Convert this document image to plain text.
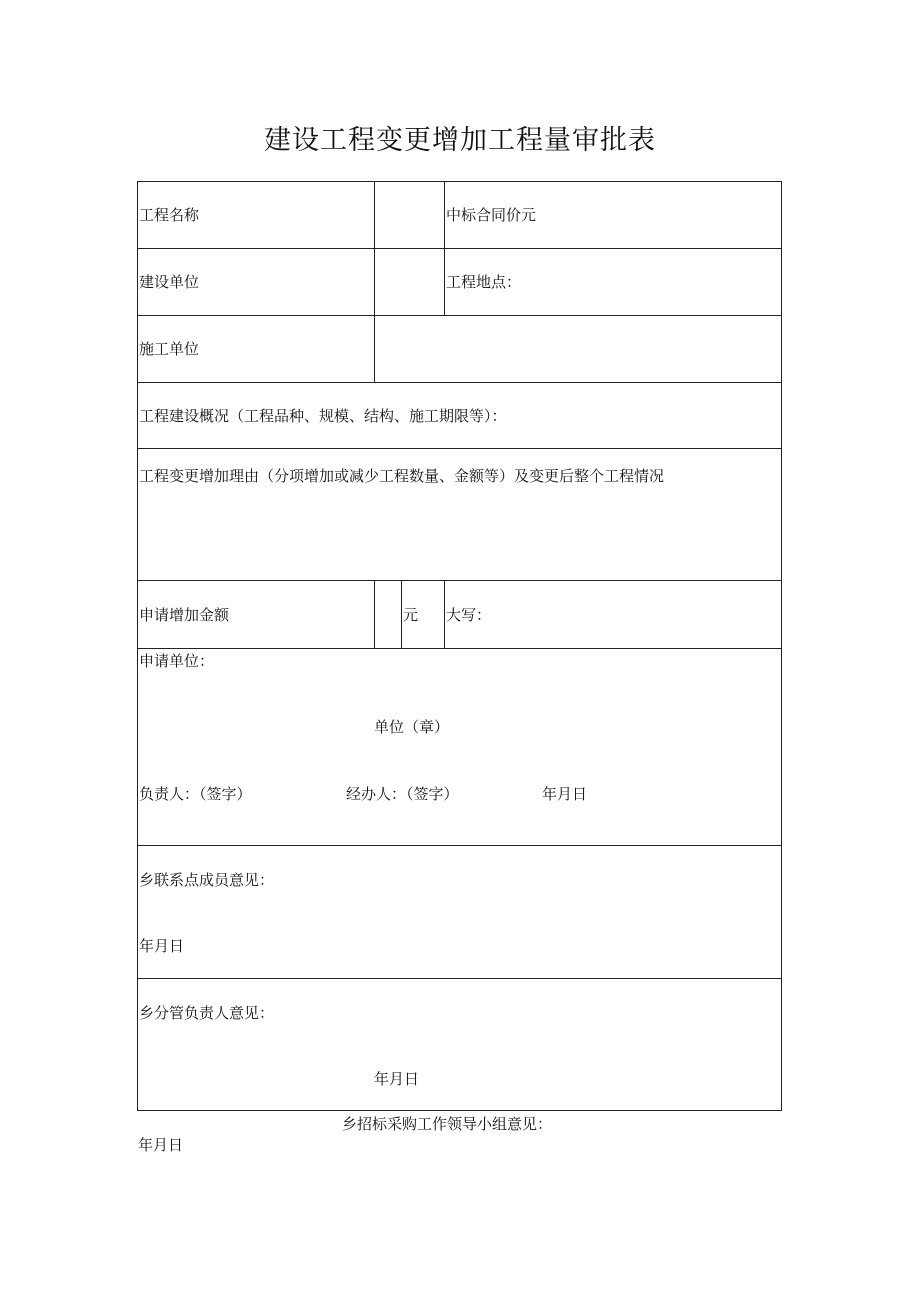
建设工程变更增加工程量审批表
工程名称	中标合同价元
建设单位	工程地点：
施工单位
工程建设概况（工程品种、规模、结构、施工期限等）：
工程变更增加理由（分项增加或减少工程数量、金额等）及变更后整个工程情况
申请增加金额	元 大写：
申请单位：
单位（章）
负责人：（签字）	经办人：（签字）	年月日
乡联系点成员意见：
年月日
乡分管负责人意见：
年月日
乡招标采购工作领导小组意见：
年月日
